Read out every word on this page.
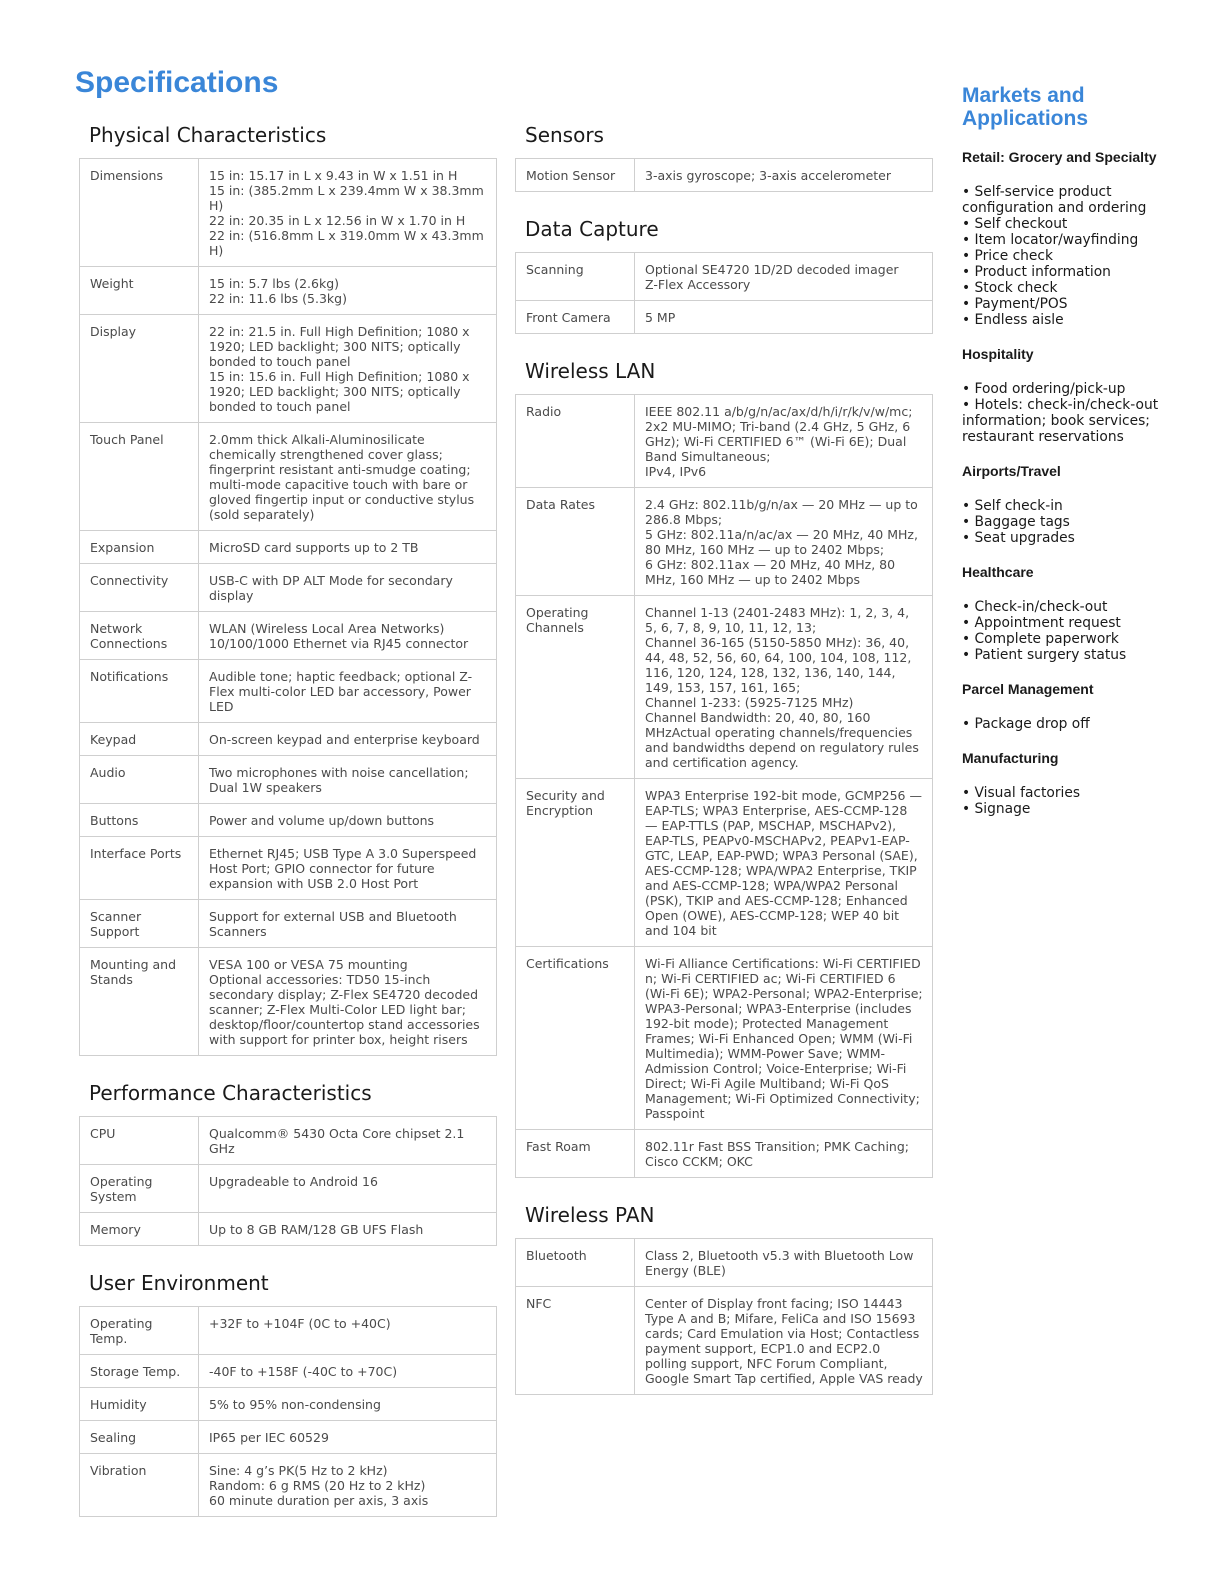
Specifications
Physical Characteristics
Dimensions	15 in: 15.17 in L x 9.43 in W x 1.51 in H
15 in: (385.2mm L x 239.4mm W x 38.3mm H)
22 in: 20.35 in L x 12.56 in W x 1.70 in H
22 in: (516.8mm L x 319.0mm W x 43.3mm H)

Weight	15 in: 5.7 lbs (2.6kg)
22 in: 11.6 lbs (5.3kg)

Display	22 in: 21.5 in. Full High Definition; 1080 x 1920; LED backlight; 300 NITS; optically bonded to touch panel
15 in: 15.6 in. Full High Definition; 1080 x 1920; LED backlight; 300 NITS; optically bonded to touch panel

Touch Panel	2.0mm thick Alkali-Aluminosilicate chemically strengthened cover glass; fingerprint resistant anti-smudge coating; multi-mode capacitive touch with bare or gloved fingertip input or conductive stylus (sold separately)

Expansion	MicroSD card supports up to 2 TB

Connectivity	USB-C with DP ALT Mode for secondary display

Network Connections	WLAN (Wireless Local Area Networks)
10/100/1000 Ethernet via RJ45 connector

Notifications	Audible tone; haptic feedback; optional Z-Flex multi-color LED bar accessory, Power LED

Keypad	On-screen keypad and enterprise keyboard

Audio	Two microphones with noise cancellation; Dual 1W speakers

Buttons	Power and volume up/down buttons

Interface Ports	Ethernet RJ45; USB Type A 3.0 Superspeed Host Port; GPIO connector for future expansion with USB 2.0 Host Port

Scanner Support	Support for external USB and Bluetooth Scanners

Mounting and Stands	VESA 100 or VESA 75 mounting
Optional accessories: TD50 15-inch secondary display; Z-Flex SE4720 decoded scanner; Z-Flex Multi-Color LED light bar; desktop/floor/countertop stand accessories with support for printer box, height risers
Performance Characteristics
CPU	Qualcomm® 5430 Octa Core chipset 2.1 GHz

Operating System	Upgradeable to Android 16

Memory	Up to 8 GB RAM/128 GB UFS Flash
User Environment
Operating Temp.	+32F to +104F (0C to +40C)

Storage Temp.	-40F to +158F (-40C to +70C)

Humidity	5% to 95% non-condensing

Sealing	IP65 per IEC 60529

Vibration	Sine: 4 g’s PK(5 Hz to 2 kHz)
Random: 6 g RMS (20 Hz to 2 kHz)
60 minute duration per axis, 3 axis
Sensors
Motion Sensor	3-axis gyroscope; 3-axis accelerometer
Data Capture
Scanning	Optional SE4720 1D/2D decoded imager
Z-Flex Accessory

Front Camera	5 MP
Wireless LAN
Radio	IEEE 802.11 a/b/g/n/ac/ax/d/h/i/r/k/v/w/mc; 2x2 MU-MIMO; Tri-band (2.4 GHz, 5 GHz, 6 GHz); Wi-Fi CERTIFIED 6™ (Wi-Fi 6E); Dual Band Simultaneous;
IPv4, IPv6

Data Rates	2.4 GHz: 802.11b/g/n/ax — 20 MHz — up to 286.8 Mbps;
5 GHz: 802.11a/n/ac/ax — 20 MHz, 40 MHz, 80 MHz, 160 MHz — up to 2402 Mbps;
6 GHz: 802.11ax — 20 MHz, 40 MHz, 80 MHz, 160 MHz — up to 2402 Mbps

Operating Channels	Channel 1-13 (2401-2483 MHz): 1, 2, 3, 4, 5, 6, 7, 8, 9, 10, 11, 12, 13;
Channel 36-165 (5150-5850 MHz): 36, 40, 44, 48, 52, 56, 60, 64, 100, 104, 108, 112, 116, 120, 124, 128, 132, 136, 140, 144, 149, 153, 157, 161, 165;
Channel 1-233: (5925-7125 MHz)
Channel Bandwidth: 20, 40, 80, 160 MHzActual operating channels/frequencies and bandwidths depend on regulatory rules and certification agency.

Security and Encryption	WPA3 Enterprise 192-bit mode, GCMP256 — EAP-TLS; WPA3 Enterprise, AES-CCMP-128 — EAP-TTLS (PAP, MSCHAP, MSCHAPv2), EAP-TLS, PEAPv0-MSCHAPv2, PEAPv1-EAP-GTC, LEAP, EAP-PWD; WPA3 Personal (SAE), AES-CCMP-128; WPA/WPA2 Enterprise, TKIP and AES-CCMP-128; WPA/WPA2 Personal (PSK), TKIP and AES-CCMP-128; Enhanced Open (OWE), AES-CCMP-128; WEP 40 bit and 104 bit

Certifications	Wi-Fi Alliance Certifications: Wi-Fi CERTIFIED n; Wi-Fi CERTIFIED ac; Wi-Fi CERTIFIED 6 (Wi-Fi 6E); WPA2-Personal; WPA2-Enterprise; WPA3-Personal; WPA3-Enterprise (includes 192-bit mode); Protected Management Frames; Wi-Fi Enhanced Open; WMM (Wi-Fi Multimedia); WMM-Power Save; WMM-Admission Control; Voice-Enterprise; Wi-Fi Direct; Wi-Fi Agile Multiband; Wi-Fi QoS Management; Wi-Fi Optimized Connectivity; Passpoint

Fast Roam	802.11r Fast BSS Transition; PMK Caching; Cisco CCKM; OKC
Wireless PAN
Bluetooth	Class 2, Bluetooth v5.3 with Bluetooth Low Energy (BLE)

NFC	Center of Display front facing; ISO 14443 Type A and B; Mifare, FeliCa and ISO 15693 cards; Card Emulation via Host; Contactless payment support, ECP1.0 and ECP2.0 polling support, NFC Forum Compliant, Google Smart Tap certified, Apple VAS ready
Markets and Applications
Retail: Grocery and Specialty
• Self-service product configuration and ordering
• Self checkout
• Item locator/wayfinding
• Price check
• Product information
• Stock check
• Payment/POS
• Endless aisle
Hospitality
• Food ordering/pick-up
• Hotels: check-in/check-out information; book services; restaurant reservations
Airports/Travel
• Self check-in
• Baggage tags
• Seat upgrades
Healthcare
• Check-in/check-out
• Appointment request
• Complete paperwork
• Patient surgery status
Parcel Management
• Package drop off
Manufacturing
• Visual factories
• Signage
